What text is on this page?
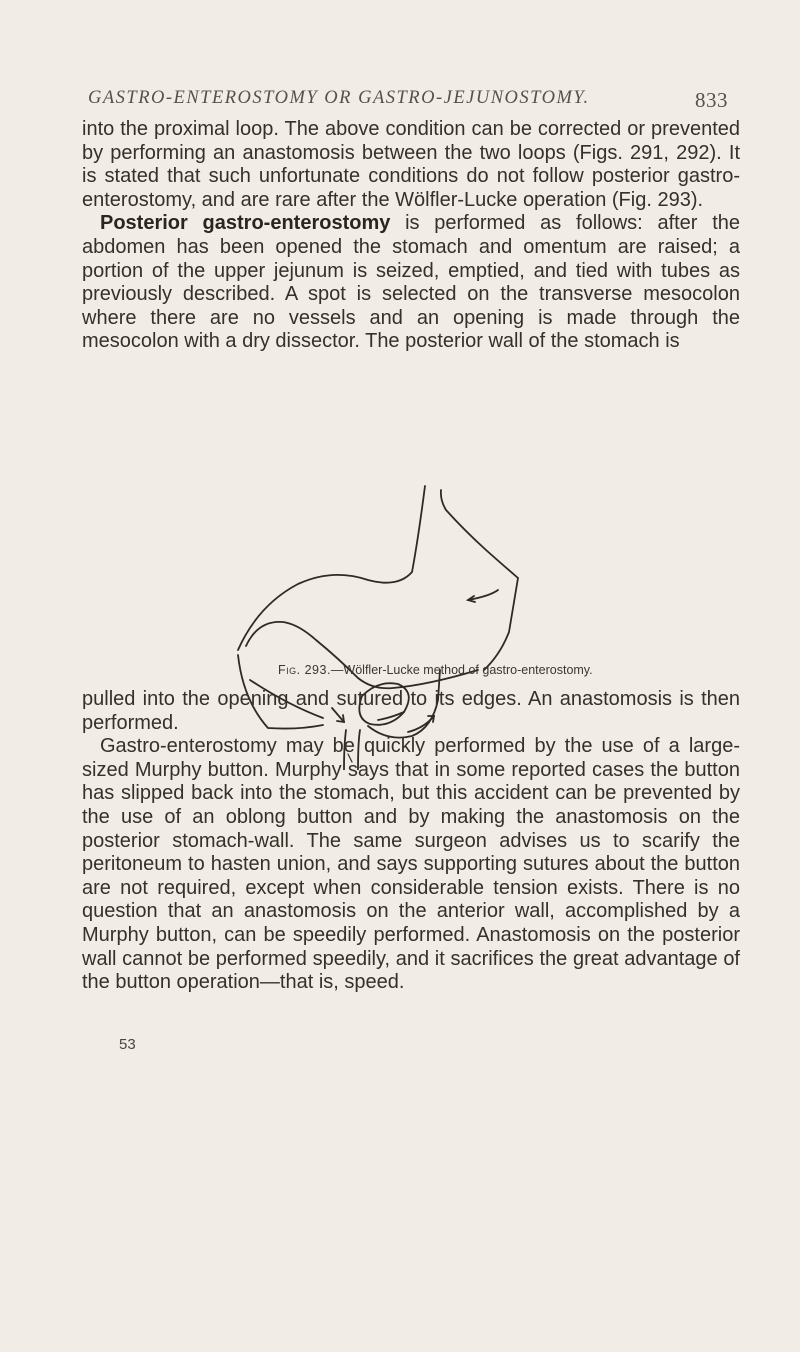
GASTRO-ENTEROSTOMY OR GASTRO-JEJUNOSTOMY.	833

into the proximal loop. The above condition can be corrected or prevented by performing an anastomosis between the two loops (Figs. 291, 292). It is stated that such unfortunate conditions do not follow posterior gastro-enterostomy, and are rare after the Wölfler-Lucke operation (Fig. 293).

Posterior gastro-enterostomy is performed as follows: after the abdomen has been opened the stomach and omentum are raised; a portion of the upper jejunum is seized, emptied, and tied with tubes as previously described. A spot is selected on the transverse mesocolon where there are no vessels and an opening is made through the mesocolon with a dry dissector. The posterior wall of the stomach is

Fig. 293.—Wölfler-Lucke method of gastro-enterostomy.

pulled into the opening and sutured to its edges. An anastomosis is then performed.

Gastro-enterostomy may be quickly performed by the use of a large-sized Murphy button. Murphy says that in some reported cases the button has slipped back into the stomach, but this accident can be prevented by the use of an oblong button and by making the anastomosis on the posterior stomach-wall. The same surgeon advises us to scarify the peritoneum to hasten union, and says supporting sutures about the button are not required, except when considerable tension exists. There is no question that an anastomosis on the anterior wall, accomplished by a Murphy button, can be speedily performed. Anastomosis on the posterior wall cannot be performed speedily, and it sacrifices the great advantage of the button operation—that is, speed.

53
